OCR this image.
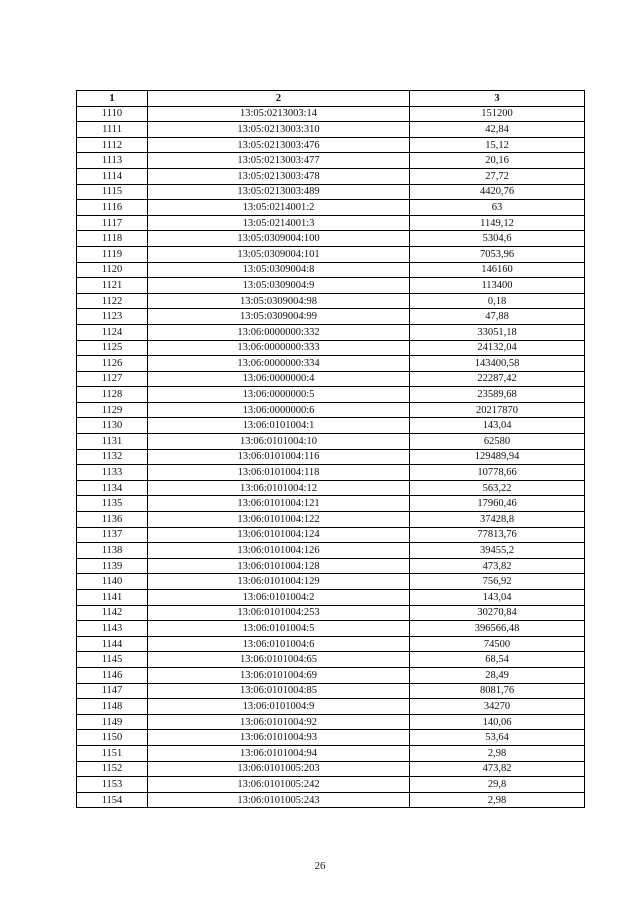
1	2	3
1110	13:05:0213003:14	151200
1111	13:05:0213003:310	42,84
1112	13:05:0213003:476	15,12
1113	13:05:0213003:477	20,16
1114	13:05:0213003:478	27,72
1115	13:05:0213003:489	4420,76
1116	13:05:0214001:2	63
1117	13:05:0214001:3	1149,12
1118	13:05:0309004:100	5304,6
1119	13:05:0309004:101	7053,96
1120	13:05:0309004:8	146160
1121	13:05:0309004:9	113400
1122	13:05:0309004:98	0,18
1123	13:05:0309004:99	47,88
1124	13:06:0000000:332	33051,18
1125	13:06:0000000:333	24132,04
1126	13:06:0000000:334	143400,58
1127	13:06:0000000:4	22287,42
1128	13:06:0000000:5	23589,68
1129	13:06:0000000:6	20217870
1130	13:06:0101004:1	143,04
1131	13:06:0101004:10	62580
1132	13:06:0101004:116	129489,94
1133	13:06:0101004:118	10778,66
1134	13:06:0101004:12	563,22
1135	13:06:0101004:121	17960,46
1136	13:06:0101004:122	37428,8
1137	13:06:0101004:124	77813,76
1138	13:06:0101004:126	39455,2
1139	13:06:0101004:128	473,82
1140	13:06:0101004:129	756,92
1141	13:06:0101004:2	143,04
1142	13:06:0101004:253	30270,84
1143	13:06:0101004:5	396566,48
1144	13:06:0101004:6	74500
1145	13:06:0101004:65	68,54
1146	13:06:0101004:69	28,49
1147	13:06:0101004:85	8081,76
1148	13:06:0101004:9	34270
1149	13:06:0101004:92	140,06
1150	13:06:0101004:93	53,64
1151	13:06:0101004:94	2,98
1152	13:06:0101005:203	473,82
1153	13:06:0101005:242	29,8
1154	13:06:0101005:243	2,98
26
